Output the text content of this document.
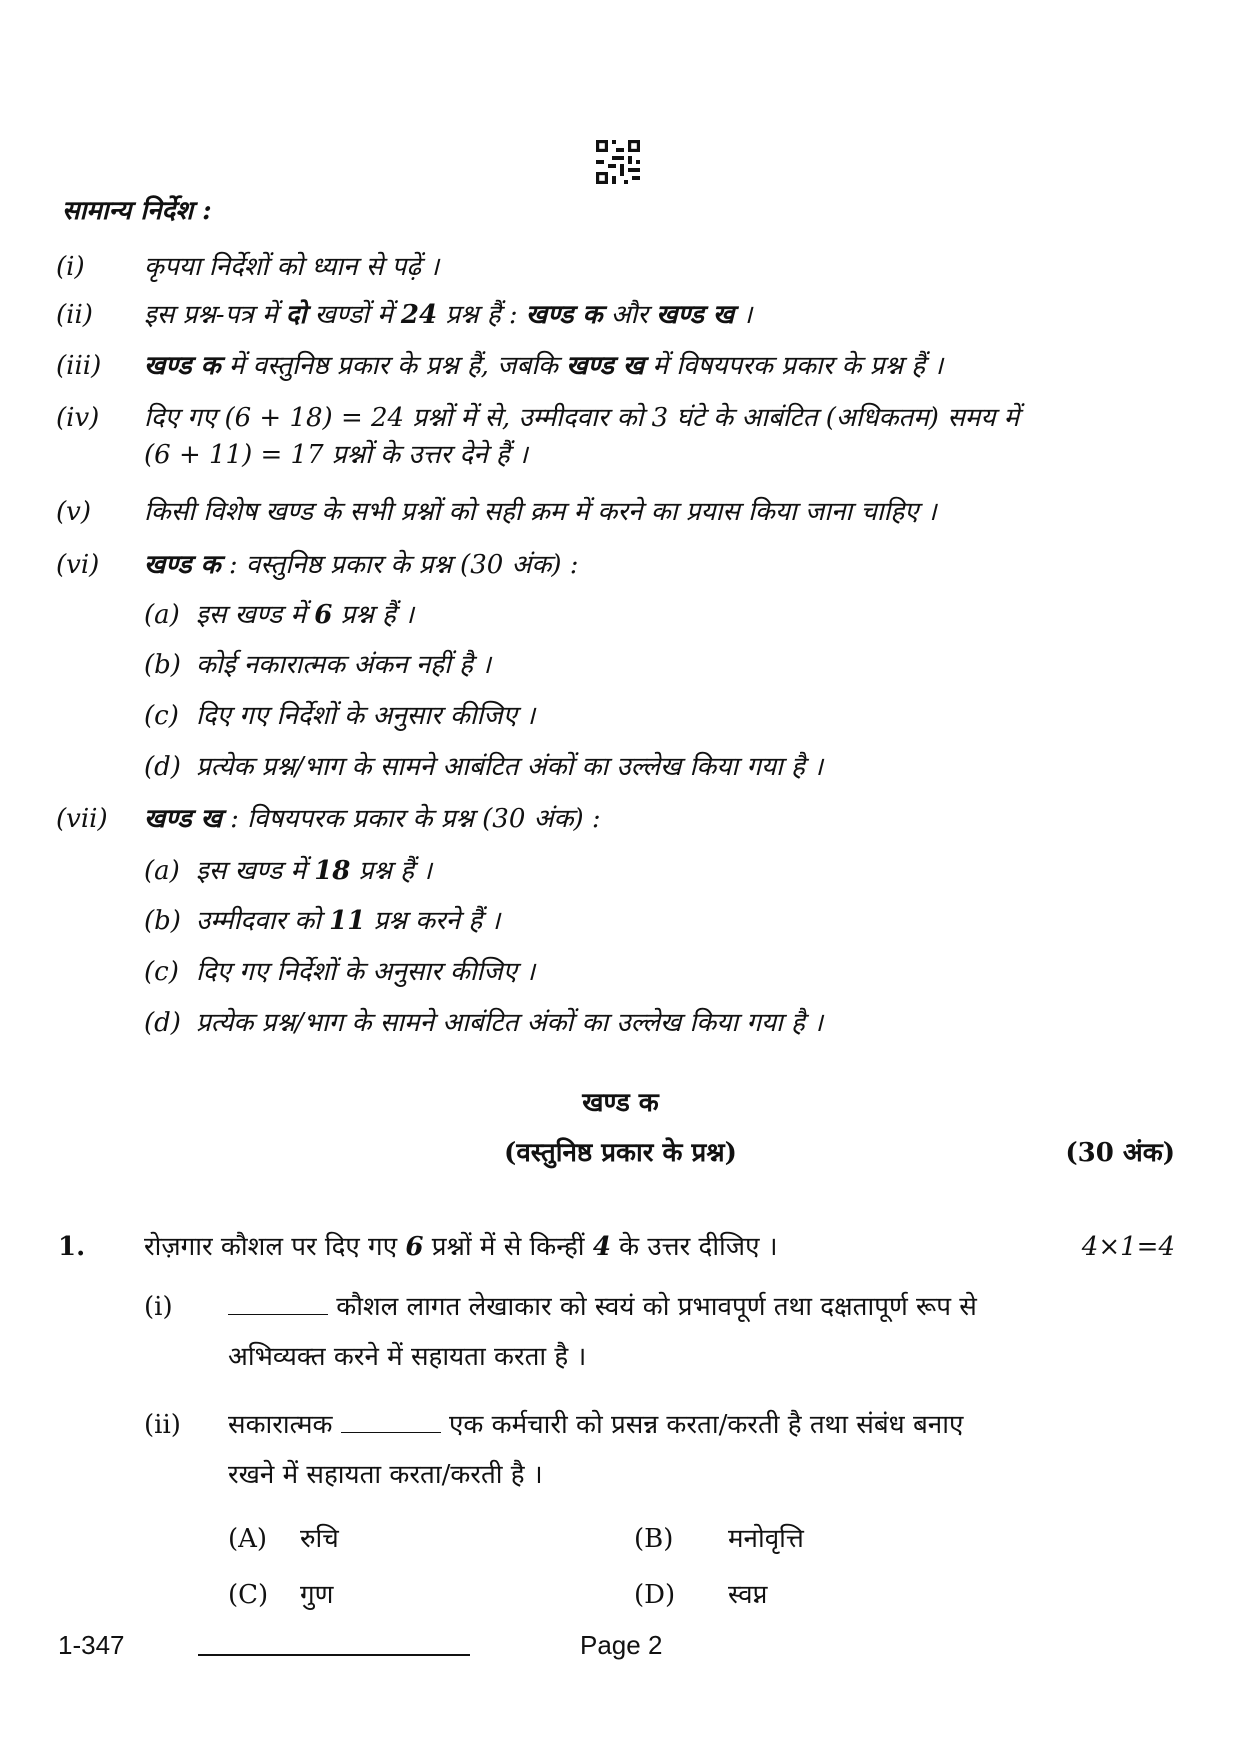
सामान्य निर्देश :
(i) कृपया निर्देशों को ध्यान से पढ़ें ।
(ii) इस प्रश्न-पत्र में दो खण्डों में 24 प्रश्न हैं : खण्ड क और खण्ड ख ।
(iii) खण्ड क में वस्तुनिष्ठ प्रकार के प्रश्न हैं, जबकि खण्ड ख में विषयपरक प्रकार के प्रश्न हैं ।
(iv) दिए गए (6 + 18) = 24 प्रश्नों में से, उम्मीदवार को 3 घंटे के आबंटित (अधिकतम) समय में
(6 + 11) = 17 प्रश्नों के उत्तर देने हैं ।
(v) किसी विशेष खण्ड के सभी प्रश्नों को सही क्रम में करने का प्रयास किया जाना चाहिए ।
(vi) खण्ड क : वस्तुनिष्ठ प्रकार के प्रश्न (30 अंक) :
(a) इस खण्ड में 6 प्रश्न हैं ।
(b) कोई नकारात्मक अंकन नहीं है ।
(c) दिए गए निर्देशों के अनुसार कीजिए ।
(d) प्रत्येक प्रश्न/भाग के सामने आबंटित अंकों का उल्लेख किया गया है ।
(vii) खण्ड ख : विषयपरक प्रकार के प्रश्न (30 अंक) :
(a) इस खण्ड में 18 प्रश्न हैं ।
(b) उम्मीदवार को 11 प्रश्न करने हैं ।
(c) दिए गए निर्देशों के अनुसार कीजिए ।
(d) प्रत्येक प्रश्न/भाग के सामने आबंटित अंकों का उल्लेख किया गया है ।
खण्ड क
(वस्तुनिष्ठ प्रकार के प्रश्न)	(30 अंक)
1. रोज़गार कौशल पर दिए गए 6 प्रश्नों में से किन्हीं 4 के उत्तर दीजिए ।	4×1=4
(i)	कौशल लागत लेखाकार को स्वयं को प्रभावपूर्ण तथा दक्षतापूर्ण रूप से
अभिव्यक्त करने में सहायता करता है ।
(ii) सकारात्मक	एक कर्मचारी को प्रसन्न करता/करती है तथा संबंध बनाए
रखने में सहायता करता/करती है ।
(A) रुचि	(B) मनोवृत्ति
(C) गुण	(D) स्वप्न
1-347	Page 2
